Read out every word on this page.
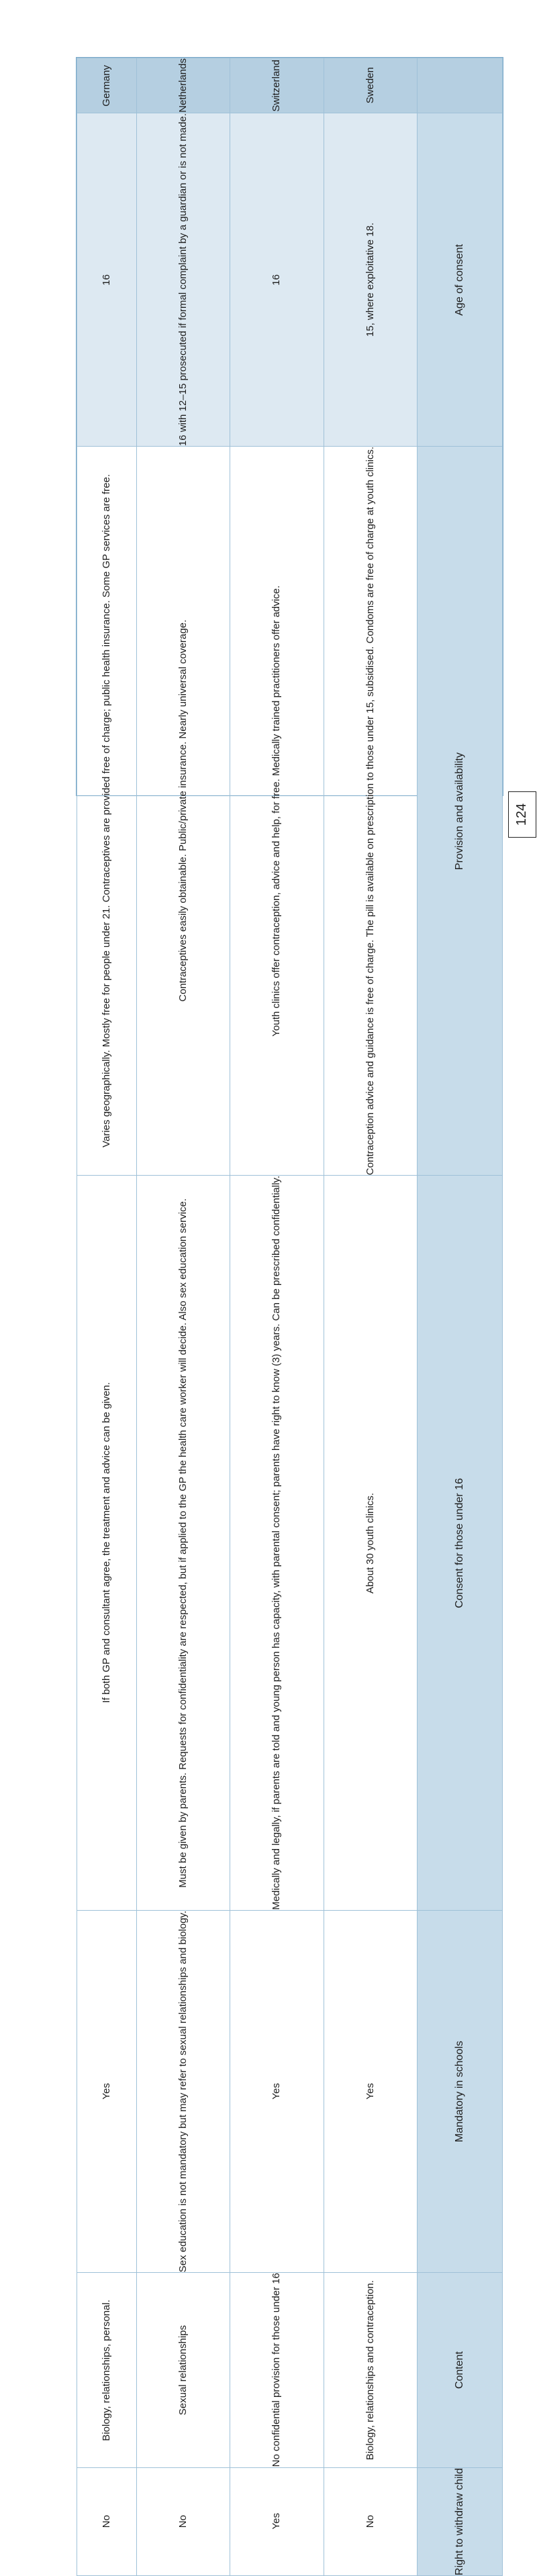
124
Germany	Netherlands	Switzerland	Sweden	

16	16 with 12–15 prosecuted if formal complaint by a guardian or is not made.	16	15, where exploitative 18.	Age of consent

Varies geographically. Mostly free for people under 21. Contraceptives are provided free of charge; public health insurance. Some GP services are free.	Contraceptives easily obtainable. Public/private insurance. Nearly universal coverage.	Youth clinics offer contraception, advice and help, for free. Medically trained practitioners offer advice.	Contraception advice and guidance is free of charge. The pill is available on prescription to those under 15, subsidised. Condoms are free of charge at youth clinics.	Provision and availability

If both GP and consultant agree, the treatment and advice can be given.	Must be given by parents. Requests for confidentiality are respected, but if applied to the GP the health care worker will decide. Also sex education service.	Medically and legally, if parents are told and young person has capacity, with parental consent; parents have right to know (3) years. Can be prescribed confidentially.	About 30 youth clinics.	Consent for those under 16

Yes	Sex education is not mandatory but may refer to sexual relationships and biology.	Yes	Yes	Mandatory in schools

Biology, relationships, personal.	Sexual relationships	No confidential provision for those under 16	Biology, relationships and contraception.	Content

No	No	Yes	No	Right to withdraw child
